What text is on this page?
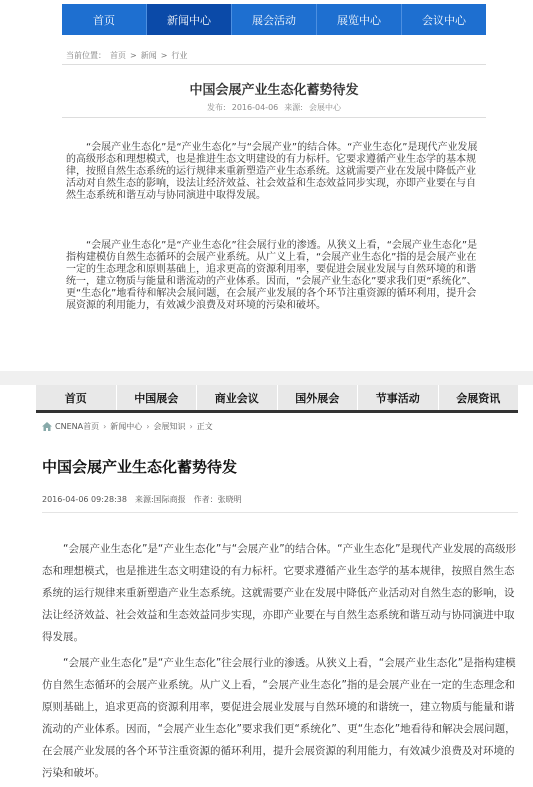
首页	新闻中心	展会活动	展览中心	会议中心
当前位置： 首页 > 新闻 > 行业
中国会展产业生态化蓄势待发
发布: 2016-04-06 来源: 会展中心

“会展产业生态化”是“产业生态化”与“会展产业”的结合体。“产业生态化”是现代产业发展的高级形态和理想模式，也是推进生态文明建设的有力标杆。它要求遵循产业生态学的基本规律，按照自然生态系统的运行规律来重新塑造产业生态系统。这就需要产业在发展中降低产业活动对自然生态的影响，设法让经济效益、社会效益和生态效益同步实现，亦即产业要在与自然生态系统和谐互动与协同演进中取得发展。

“会展产业生态化”是“产业生态化”往会展行业的渗透。从狭义上看，“会展产业生态化”是指构建模仿自然生态循环的会展产业系统。从广义上看，“会展产业生态化”指的是会展产业在一定的生态理念和原则基础上，追求更高的资源利用率，要促进会展业发展与自然环境的和谐统一，建立物质与能量和谐流动的产业体系。因而，“会展产业生态化”要求我们更“系统化”、更“生态化”地看待和解决会展问题，在会展产业发展的各个环节注重资源的循环利用，提升会展资源的利用能力，有效减少浪费及对环境的污染和破坏。

首页	中国展会	商业会议	国外展会	节事活动	会展资讯
CNENA首页 › 新闻中心 › 会展知识 › 正文
中国会展产业生态化蓄势待发
2016-04-06 09:28:38 来源:国际商报 作者：张晓明

“会展产业生态化”是“产业生态化”与“会展产业”的结合体。“产业生态化”是现代产业发展的高级形态和理想模式，也是推进生态文明建设的有力标杆。它要求遵循产业生态学的基本规律，按照自然生态系统的运行规律来重新塑造产业生态系统。这就需要产业在发展中降低产业活动对自然生态的影响，设法让经济效益、社会效益和生态效益同步实现，亦即产业要在与自然生态系统和谐互动与协同演进中取得发展。

“会展产业生态化”是“产业生态化”往会展行业的渗透。从狭义上看，“会展产业生态化”是指构建模仿自然生态循环的会展产业系统。从广义上看，“会展产业生态化”指的是会展产业在一定的生态理念和原则基础上，追求更高的资源利用率，要促进会展业发展与自然环境的和谐统一，建立物质与能量和谐流动的产业体系。因而，“会展产业生态化”要求我们更“系统化”、更“生态化”地看待和解决会展问题，在会展产业发展的各个环节注重资源的循环利用，提升会展资源的利用能力，有效减少浪费及对环境的污染和破坏。
